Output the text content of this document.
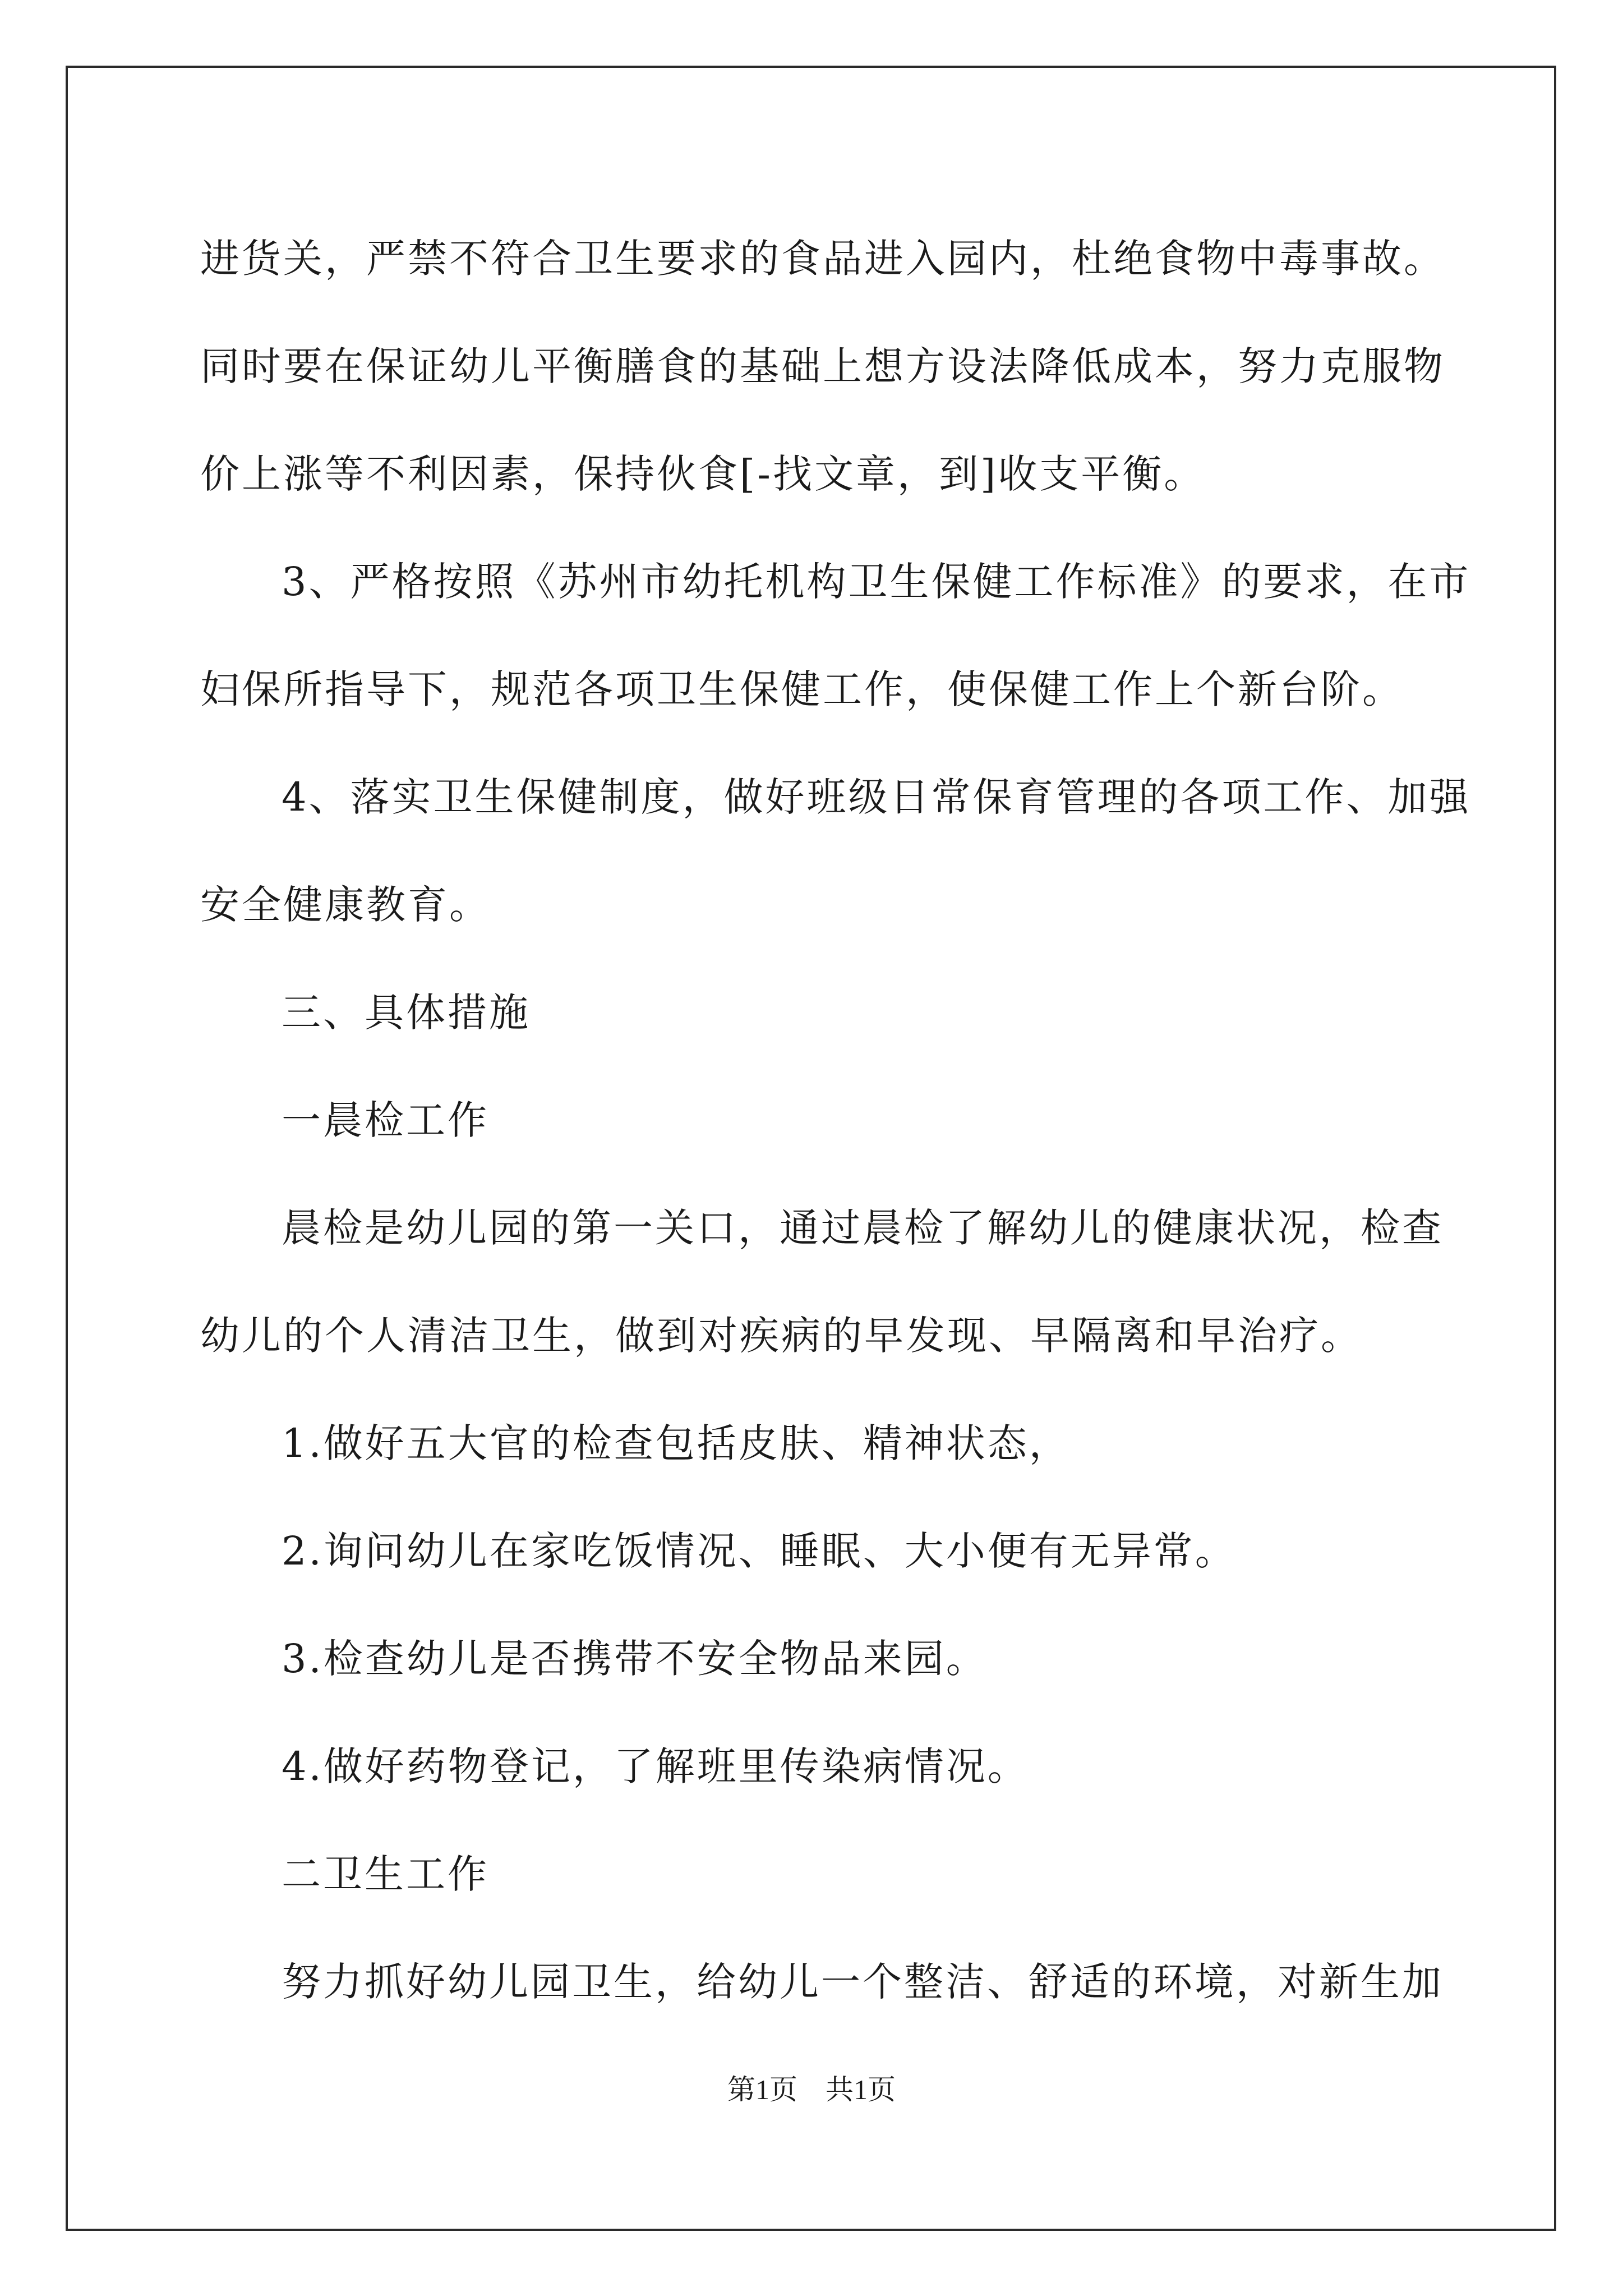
进货关，严禁不符合卫生要求的食品进入园内，杜绝食物中毒事故。

同时要在保证幼儿平衡膳食的基础上想方设法降低成本，努力克服物

价上涨等不利因素，保持伙食[-找文章，到]收支平衡。

3、严格按照《苏州市幼托机构卫生保健工作标准》的要求，在市

妇保所指导下，规范各项卫生保健工作，使保健工作上个新台阶。

4、落实卫生保健制度，做好班级日常保育管理的各项工作、加强

安全健康教育。

三、具体措施

一晨检工作

晨检是幼儿园的第一关口，通过晨检了解幼儿的健康状况，检查

幼儿的个人清洁卫生，做到对疾病的早发现、早隔离和早治疗。

1.做好五大官的检查包括皮肤、精神状态，

2.询问幼儿在家吃饭情况、睡眠、大小便有无异常。

3.检查幼儿是否携带不安全物品来园。

4.做好药物登记，了解班里传染病情况。

二卫生工作

努力抓好幼儿园卫生，给幼儿一个整洁、舒适的环境，对新生加

第1页　共1页
